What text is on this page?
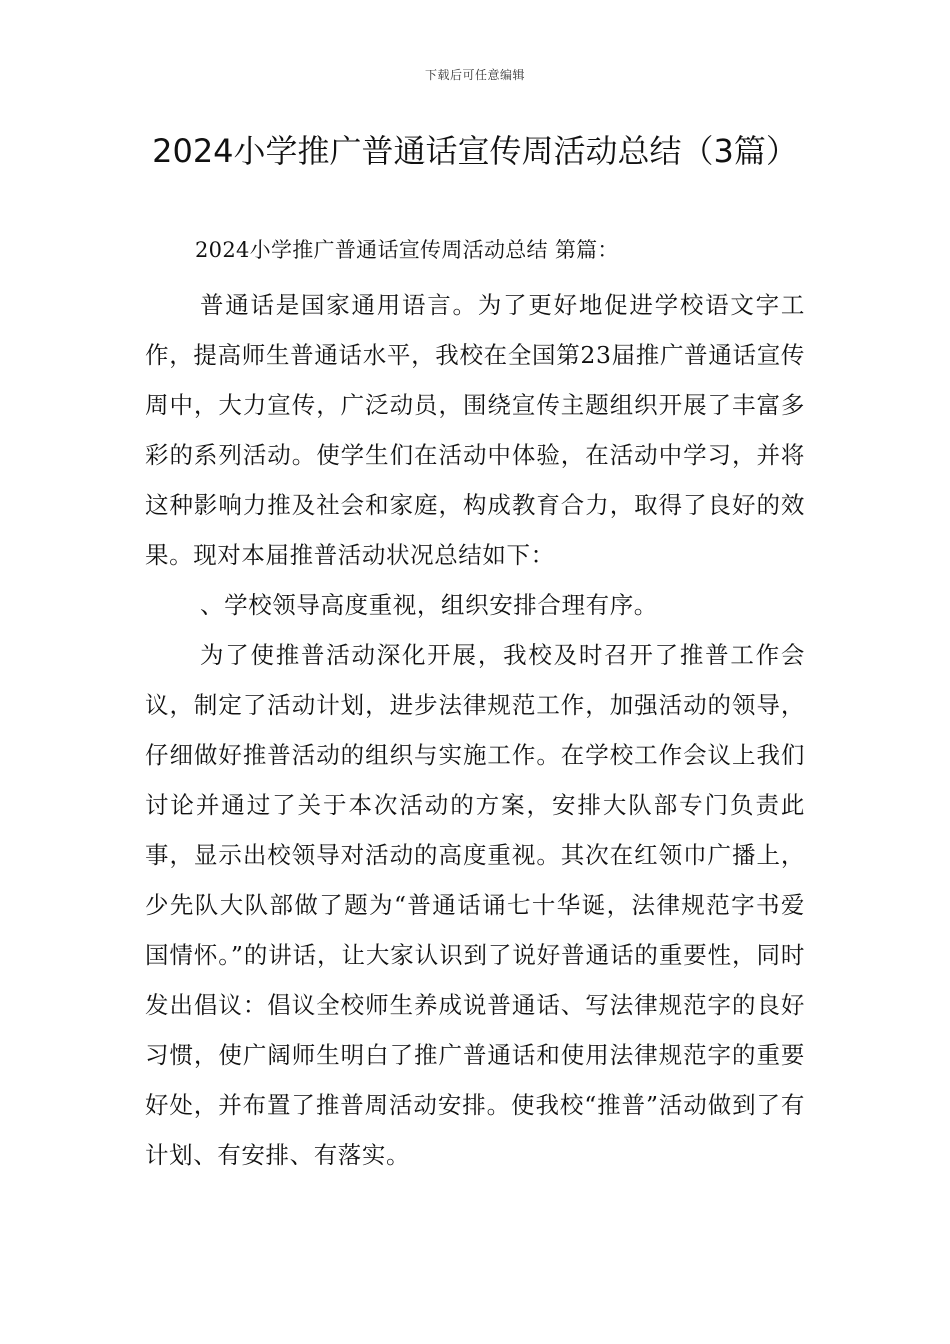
下载后可任意编辑
2024小学推广普通话宣传周活动总结（3篇）

2024小学推广普通话宣传周活动总结 第篇：

普通话是国家通用语言。为了更好地促进学校语文字工作，提高师生普通话水平，我校在全国第23届推广普通话宣传周中，大力宣传，广泛动员，围绕宣传主题组织开展了丰富多彩的系列活动。使学生们在活动中体验，在活动中学习，并将这种影响力推及社会和家庭，构成教育合力，取得了良好的效果。现对本届推普活动状况总结如下：

、学校领导高度重视，组织安排合理有序。

为了使推普活动深化开展，我校及时召开了推普工作会议，制定了活动计划，进步法律规范工作，加强活动的领导，仔细做好推普活动的组织与实施工作。在学校工作会议上我们讨论并通过了关于本次活动的方案，安排大队部专门负责此事，显示出校领导对活动的高度重视。其次在红领巾广播上，少先队大队部做了题为“普通话诵七十华诞，法律规范字书爱国情怀。”的讲话，让大家认识到了说好普通话的重要性，同时发出倡议：倡议全校师生养成说普通话、写法律规范字的良好习惯，使广阔师生明白了推广普通话和使用法律规范字的重要好处，并布置了推普周活动安排。使我校“推普”活动做到了有计划、有安排、有落实。
